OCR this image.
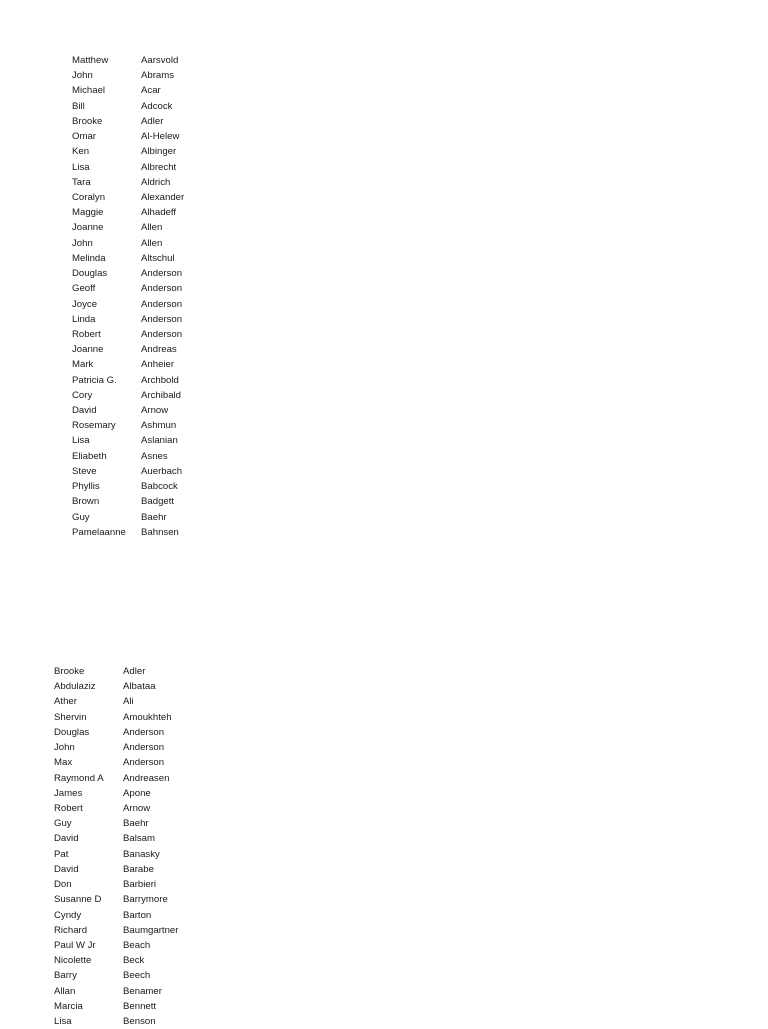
Matthew	Aarsvold
John	Abrams
Michael	Acar
Bill	Adcock
Brooke	Adler
Omar	Al-Helew
Ken	Albinger
Lisa	Albrecht
Tara	Aldrich
Coralyn	Alexander
Maggie	Alhadeff
Joanne	Allen
John	Allen
Melinda	Altschul
Douglas	Anderson
Geoff	Anderson
Joyce	Anderson
Linda	Anderson
Robert	Anderson
Joanne	Andreas
Mark	Anheier
Patricia G.	Archbold
Cory	Archibald
David	Arnow
Rosemary	Ashmun
Lisa	Aslanian
Eliabeth	Asnes
Steve	Auerbach
Phyllis	Babcock
Brown	Badgett
Guy	Baehr
Pamelaanne	Bahnsen
Brooke	Adler
Abdulaziz	Albataa
Ather	Ali
Shervin	Amoukhteh
Douglas	Anderson
John	Anderson
Max	Anderson
Raymond A	Andreasen
James	Apone
Robert	Arnow
Guy	Baehr
David	Balsam
Pat	Banasky
David	Barabe
Don	Barbieri
Susanne D	Barrymore
Cyndy	Barton
Richard	Baumgartner
Paul W Jr	Beach
Nicolette	Beck
Barry	Beech
Allan	Benamer
Marcia	Bennett
Lisa	Benson
